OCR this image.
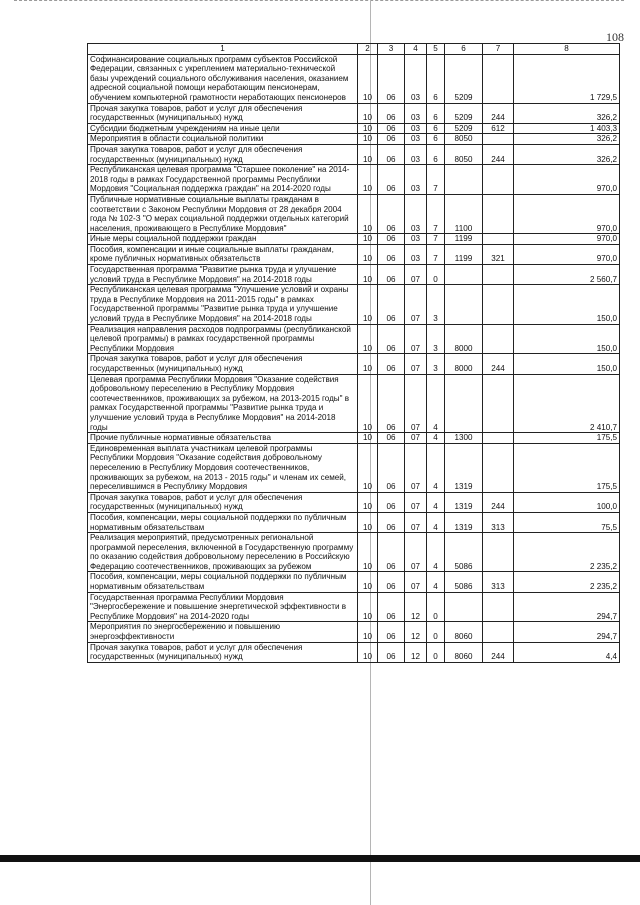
108
1	2	3	4	5	6	7	8
Софинансирование социальных программ субъектов Российской Федерации, связанных с укреплением материально-технической базы учреждений социального обслуживания населения, оказанием адресной социальной помощи неработающим пенсионерам, обучением компьютерной грамотности неработающих пенсионеров	10	06	03	6	5209		1 729,5
Прочая закупка товаров, работ и услуг для обеспечения государственных (муниципальных) нужд	10	06	03	6	5209	244	326,2
Субсидии бюджетным учреждениям на иные цели	10	06	03	6	5209	612	1 403,3
Мероприятия в области социальной политики	10	06	03	6	8050		326,2
Прочая закупка товаров, работ и услуг для обеспечения государственных (муниципальных) нужд	10	06	03	6	8050	244	326,2
Республиканская целевая программа "Старшее поколение" на 2014-2018 годы в рамках Государственной программы Республики Мордовия "Социальная поддержка граждан" на 2014-2020 годы	10	06	03	7			970,0
Публичные нормативные социальные выплаты гражданам в соответствии с Законом Республики Мордовия от 28 декабря 2004 года № 102-З "О мерах социальной поддержки отдельных категорий населения, проживающего в Республике Мордовия"	10	06	03	7	1100		970,0
Иные меры социальной поддержки граждан	10	06	03	7	1199		970,0
Пособия, компенсации и иные социальные выплаты гражданам, кроме публичных нормативных обязательств	10	06	03	7	1199	321	970,0
Государственная программа "Развитие рынка труда и улучшение условий труда в Республике Мордовия" на 2014-2018 годы	10	06	07	0			2 560,7
Республиканская целевая программа "Улучшение условий и охраны труда в Республике Мордовия на 2011-2015 годы" в рамках Государственной программы "Развитие рынка труда и улучшение условий труда в Республике Мордовия" на 2014-2018 годы	10	06	07	3			150,0
Реализация направления расходов подпрограммы (республиканской целевой программы) в рамках государственной программы Республики Мордовия	10	06	07	3	8000		150,0
Прочая закупка товаров, работ и услуг для обеспечения государственных (муниципальных) нужд	10	06	07	3	8000	244	150,0
Целевая программа Республики Мордовия "Оказание содействия добровольному переселению в Республику Мордовия соотечественников, проживающих за рубежом, на 2013-2015 годы" в рамках Государственной программы "Развитие рынка труда и улучшение условий труда в Республике Мордовия" на 2014-2018 годы	10	06	07	4			2 410,7
Прочие публичные нормативные обязательства	10	06	07	4	1300		175,5
Единовременная выплата участникам целевой программы Республики Мордовия "Оказание содействия добровольному переселению в Республику Мордовия соотечественников, проживающих за рубежом, на 2013 - 2015 годы" и членам их семей, переселившимся в Республику Мордовия	10	06	07	4	1319		175,5
Прочая закупка товаров, работ и услуг для обеспечения государственных (муниципальных) нужд	10	06	07	4	1319	244	100,0
Пособия, компенсации, меры социальной поддержки по публичным нормативным обязательствам	10	06	07	4	1319	313	75,5
Реализация мероприятий, предусмотренных региональной программой переселения, включенной в Государственную программу по оказанию содействия добровольному переселению в Российскую Федерацию соотечественников, проживающих за рубежом	10	06	07	4	5086		2 235,2
Пособия, компенсации, меры социальной поддержки по публичным нормативным обязательствам	10	06	07	4	5086	313	2 235,2
Государственная программа Республики Мордовия "Энергосбережение и повышение энергетической эффективности в Республике Мордовия" на 2014-2020 годы	10	06	12	0			294,7
Мероприятия по энергосбережению и повышению энергоэффективности	10	06	12	0	8060		294,7
Прочая закупка товаров, работ и услуг для обеспечения государственных (муниципальных) нужд	10	06	12	0	8060	244	4,4
